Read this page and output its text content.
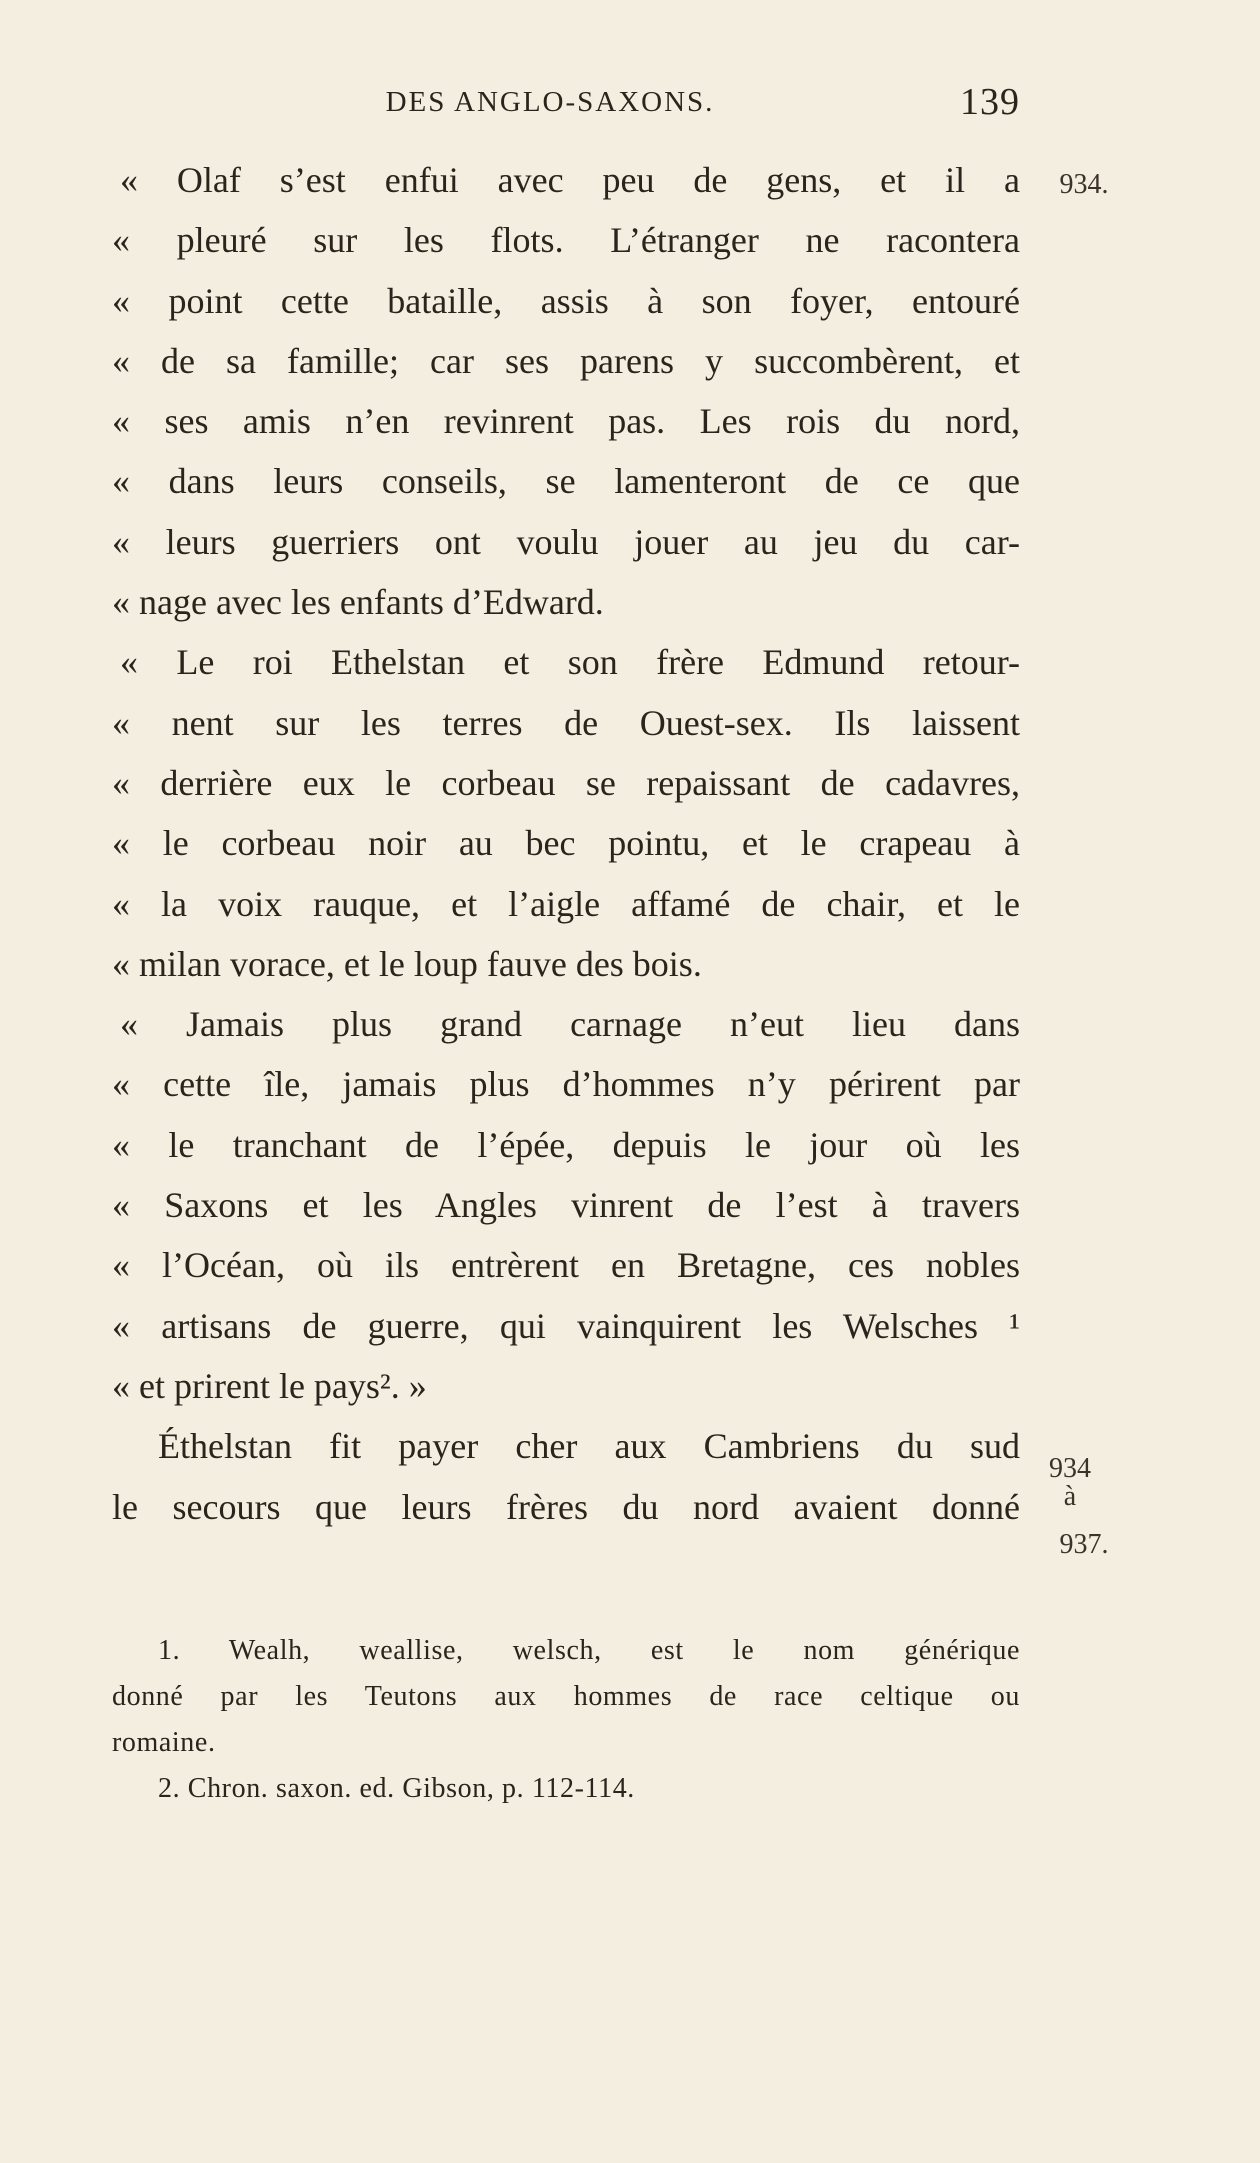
DES ANGLO-SAXONS.	139
« Olaf s’est enfui avec peu de gens, et il a
« pleuré sur les flots. L’étranger ne racontera
« point cette bataille, assis à son foyer, entouré
« de sa famille; car ses parens y succombèrent, et
« ses amis n’en revinrent pas. Les rois du nord,
« dans leurs conseils, se lamenteront de ce que
« leurs guerriers ont voulu jouer au jeu du car-
« nage avec les enfants d’Edward.
« Le roi Ethelstan et son frère Edmund retour-
« nent sur les terres de Ouest-sex. Ils laissent
« derrière eux le corbeau se repaissant de cadavres,
« le corbeau noir au bec pointu, et le crapeau à
« la voix rauque, et l’aigle affamé de chair, et le
« milan vorace, et le loup fauve des bois.
« Jamais plus grand carnage n’eut lieu dans
« cette île, jamais plus d’hommes n’y périrent par
« le tranchant de l’épée, depuis le jour où les
« Saxons et les Angles vinrent de l’est à travers
« l’Océan, où ils entrèrent en Bretagne, ces nobles
« artisans de guerre, qui vainquirent les Welsches ¹
« et prirent le pays². »
Éthelstan fit payer cher aux Cambriens du sud
le secours que leurs frères du nord avaient donné
934.
934
à
937.
1. Wealh, weallise, welsch, est le nom générique
donné par les Teutons aux hommes de race celtique ou
romaine.
2. Chron. saxon. ed. Gibson, p. 112-114.
